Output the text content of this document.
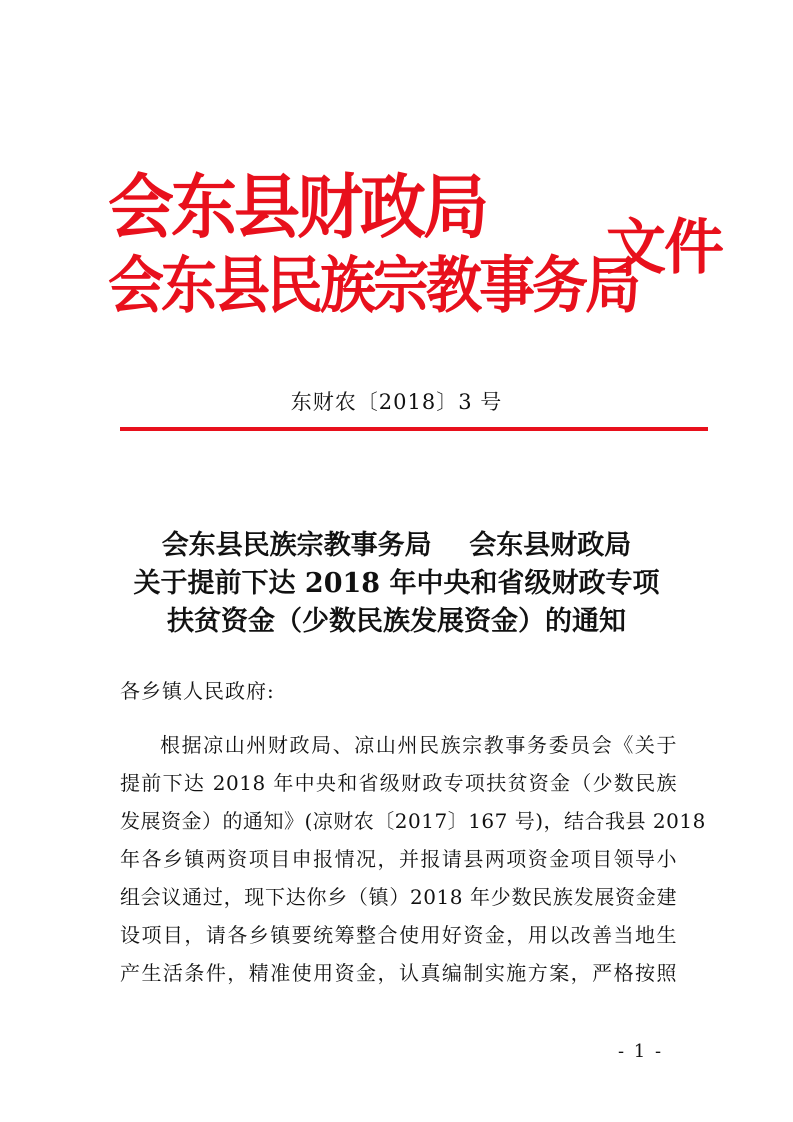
会东县财政局
会东县民族宗教事务局
文件
东财农〔2018〕3 号
会东县民族宗教事务局    会东县财政局
关于提前下达 2018 年中央和省级财政专项
扶贫资金（少数民族发展资金）的通知
各乡镇人民政府:
根据凉山州财政局、凉山州民族宗教事务委员会《关于
提前下达 2018 年中央和省级财政专项扶贫资金（少数民族
发展资金）的通知》(凉财农〔2017〕167 号)，结合我县 2018
年各乡镇两资项目申报情况，并报请县两项资金项目领导小
组会议通过，现下达你乡（镇）2018 年少数民族发展资金建
设项目，请各乡镇要统筹整合使用好资金，用以改善当地生
产生活条件，精准使用资金，认真编制实施方案，严格按照
- 1 -
